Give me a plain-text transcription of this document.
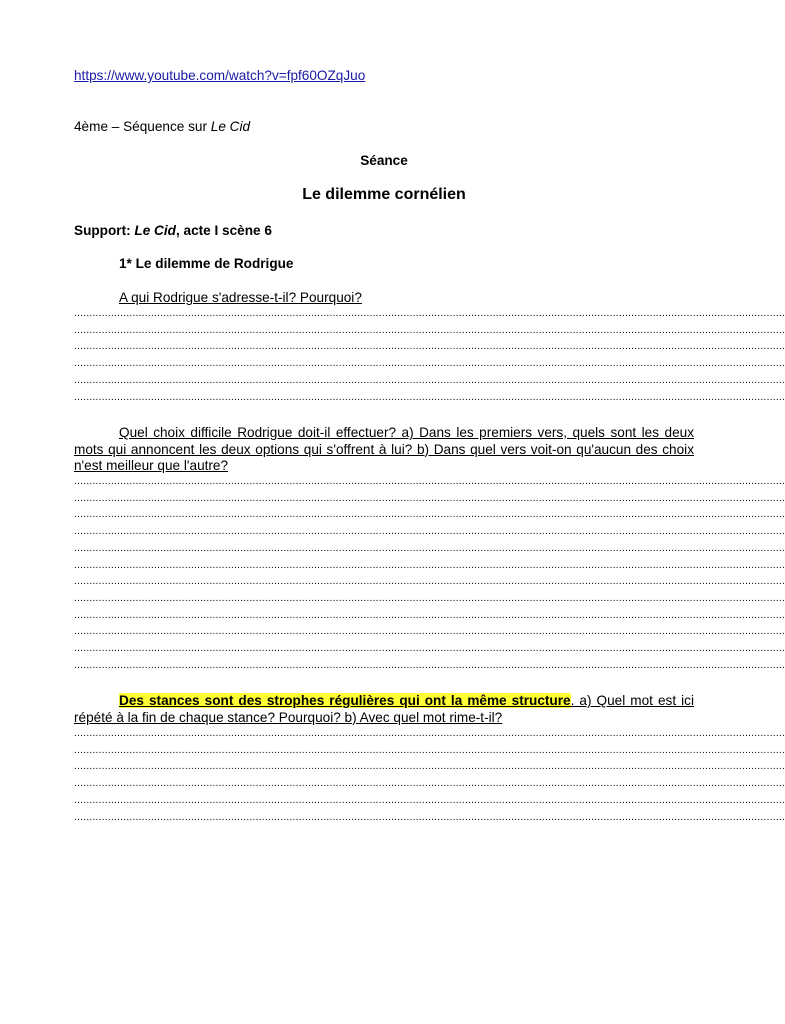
https://www.youtube.com/watch?v=fpf60OZqJuo
4ème – Séquence sur Le Cid
Séance
Le dilemme cornélien
Support: Le Cid, acte I scène 6
1* Le dilemme de Rodrigue
A qui Rodrigue s'adresse-t-il? Pourquoi?
.......................................................................................................................................................................................................................................
.......................................................................................................................................................................................................................................
.......................................................................................................................................................................................................................................
.......................................................................................................................................................................................................................................
.......................................................................................................................................................................................................................................
.......................................................................................................................................................................................................................................
Quel choix difficile Rodrigue doit-il effectuer? a) Dans les premiers vers, quels sont les deux mots qui annoncent les deux options qui s'offrent à lui? b) Dans quel vers voit-on qu'aucun des choix n'est meilleur que l'autre?
.......................................................................................................................................................................................................................................
.......................................................................................................................................................................................................................................
.......................................................................................................................................................................................................................................
.......................................................................................................................................................................................................................................
.......................................................................................................................................................................................................................................
.......................................................................................................................................................................................................................................
.......................................................................................................................................................................................................................................
.......................................................................................................................................................................................................................................
.......................................................................................................................................................................................................................................
.......................................................................................................................................................................................................................................
.......................................................................................................................................................................................................................................
.......................................................................................................................................................................................................................................
Des stances sont des strophes régulières qui ont la même structure. a) Quel mot est ici répété à la fin de chaque stance? Pourquoi? b) Avec quel mot rime-t-il?
.......................................................................................................................................................................................................................................
.......................................................................................................................................................................................................................................
.......................................................................................................................................................................................................................................
.......................................................................................................................................................................................................................................
.......................................................................................................................................................................................................................................
.......................................................................................................................................................................................................................................
